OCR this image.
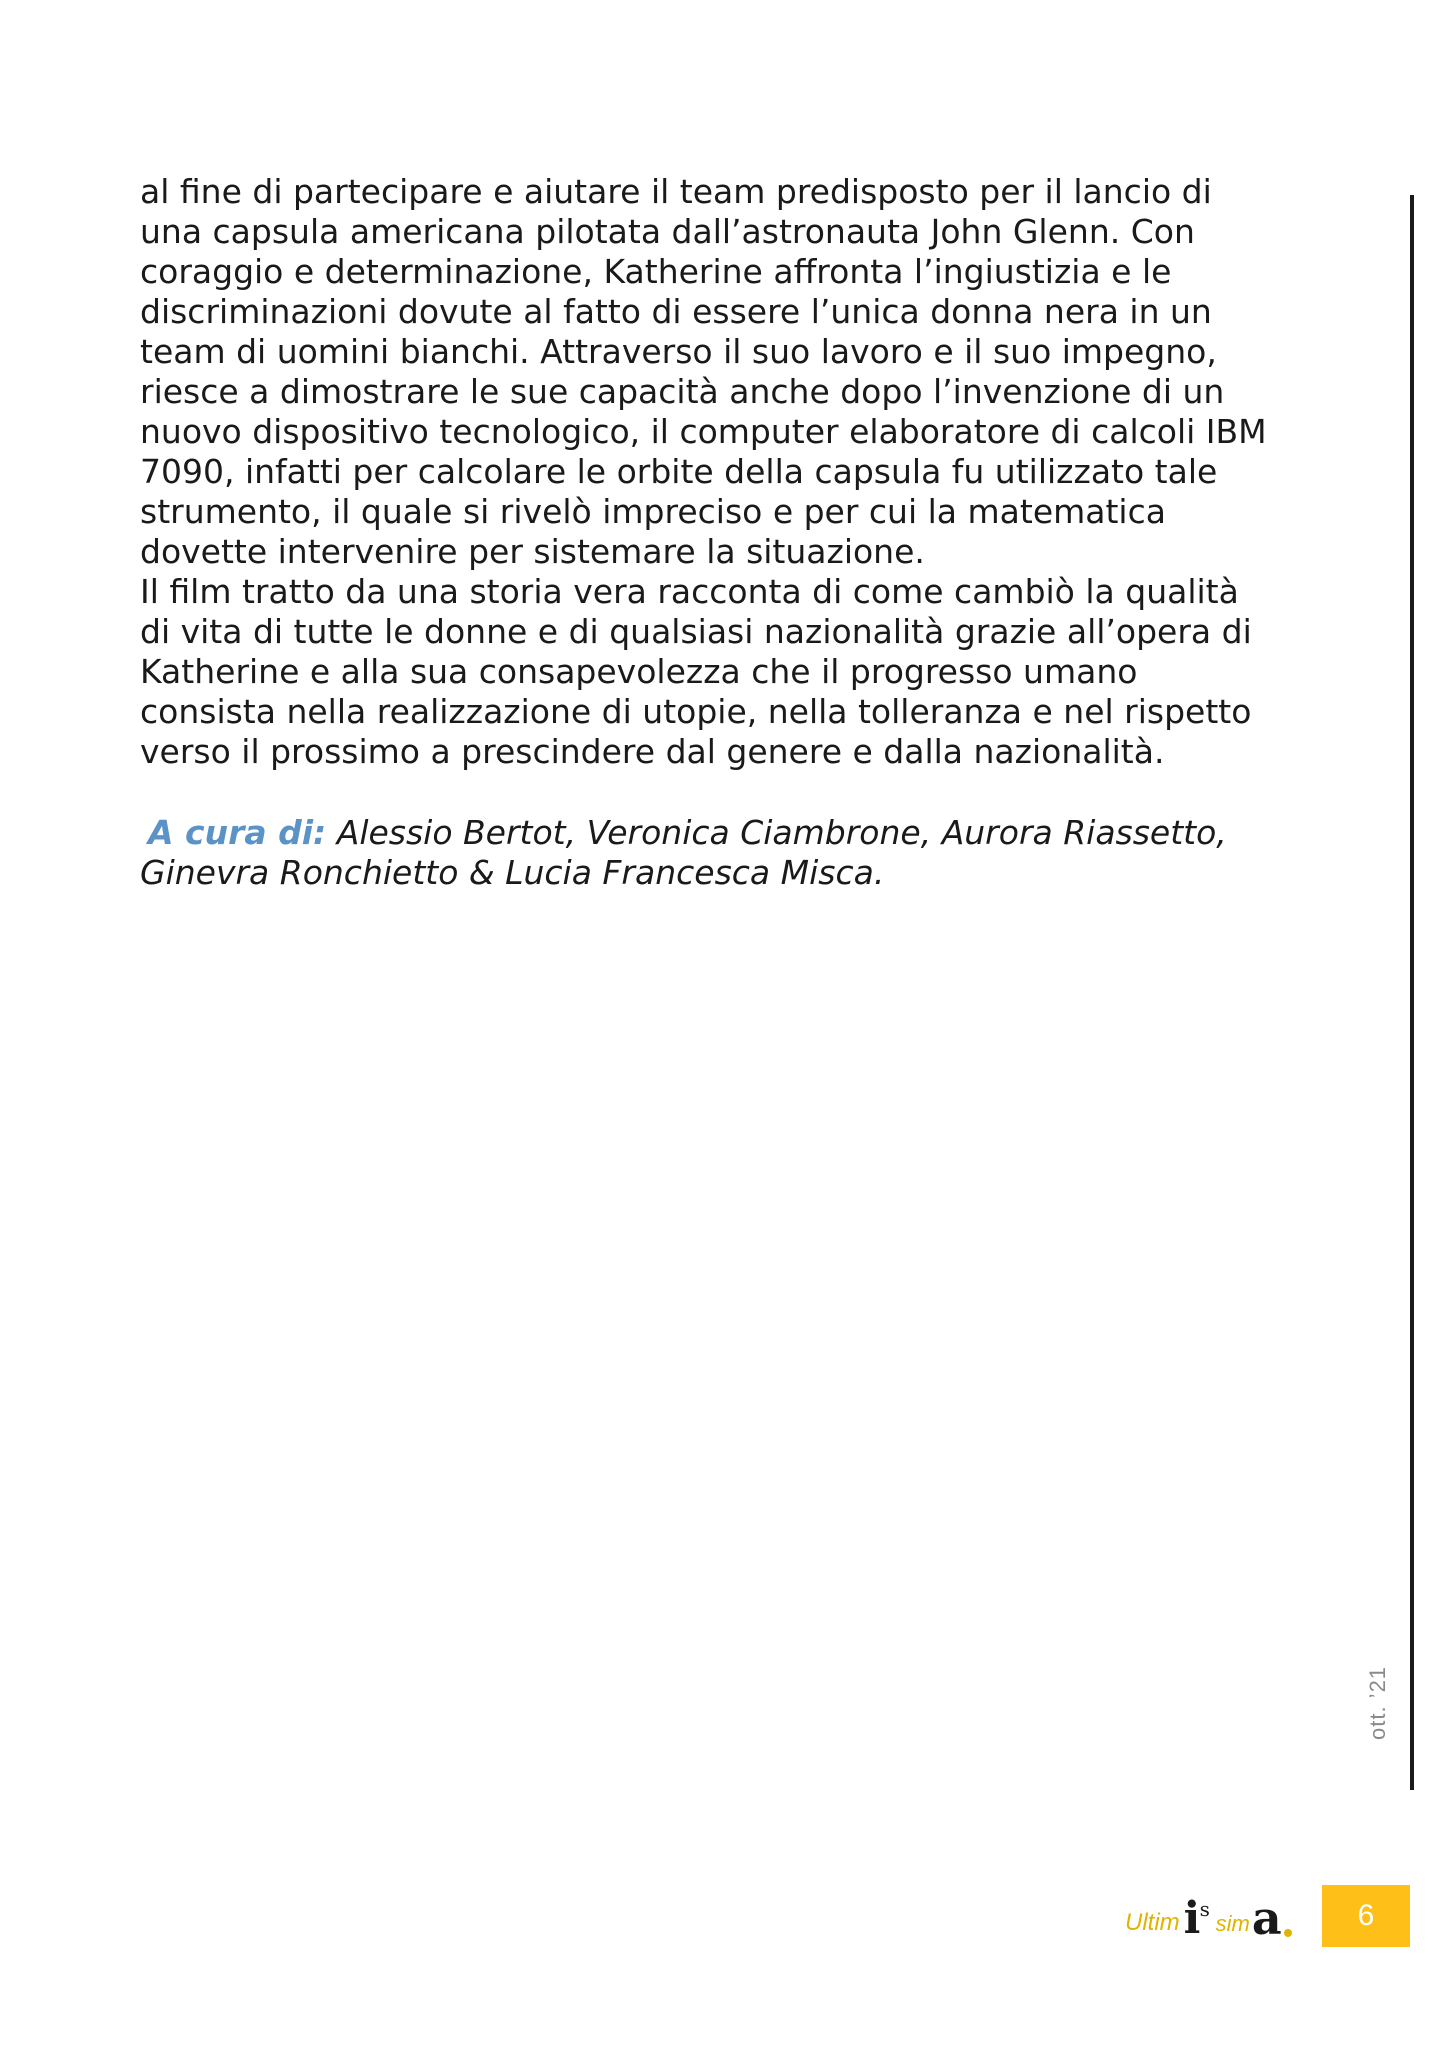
al fine di partecipare e aiutare il team predisposto per il lancio di
una capsula americana pilotata dall’astronauta John Glenn. Con
coraggio e determinazione, Katherine affronta l’ingiustizia e le
discriminazioni dovute al fatto di essere l’unica donna nera in un
team di uomini bianchi. Attraverso il suo lavoro e il suo impegno,
riesce a dimostrare le sue capacità anche dopo l’invenzione di un
nuovo dispositivo tecnologico, il computer elaboratore di calcoli IBM
7090, infatti per calcolare le orbite della capsula fu utilizzato tale
strumento, il quale si rivelò impreciso e per cui la matematica
dovette intervenire per sistemare la situazione.
Il film tratto da una storia vera racconta di come cambiò la qualità
di vita di tutte le donne e di qualsiasi nazionalità grazie all’opera di
Katherine e alla sua consapevolezza che il progresso umano
consista nella realizzazione di utopie, nella tolleranza e nel rispetto
verso il prossimo a prescindere dal genere e dalla nazionalità.
A cura di: Alessio Bertot, Veronica Ciambrone, Aurora Riassetto,
Ginevra Ronchietto & Lucia Francesca Misca.
ott. ’21
Ultim i s
sim a	6
